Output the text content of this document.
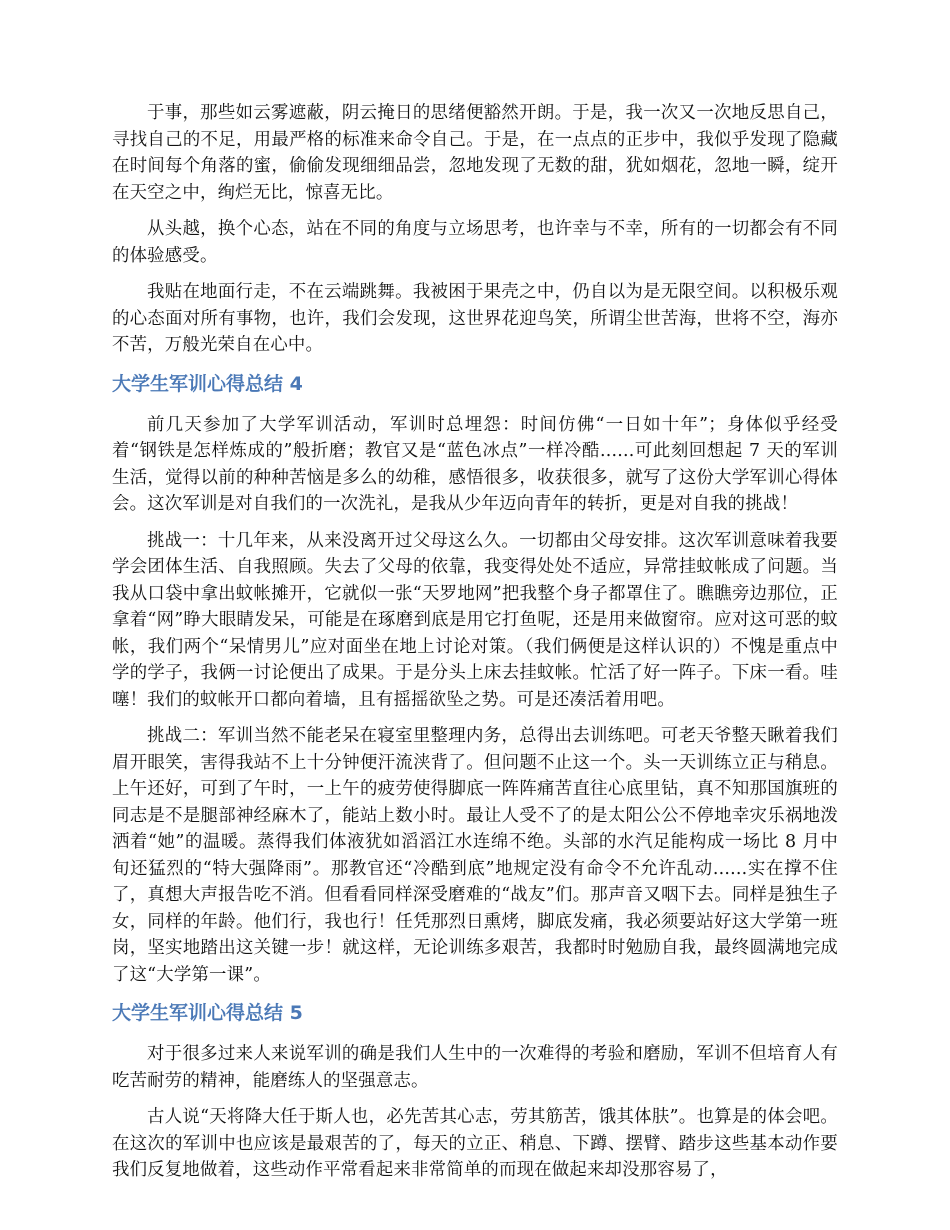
于事，那些如云雾遮蔽，阴云掩日的思绪便豁然开朗。于是，我一次又一次地反思自己，寻找自己的不足，用最严格的标准来命令自己。于是，在一点点的正步中，我似乎发现了隐藏在时间每个角落的蜜，偷偷发现细细品尝，忽地发现了无数的甜，犹如烟花，忽地一瞬，绽开在天空之中，绚烂无比，惊喜无比。

从头越，换个心态，站在不同的角度与立场思考，也许幸与不幸，所有的一切都会有不同的体验感受。

我贴在地面行走，不在云端跳舞。我被困于果壳之中，仍自以为是无限空间。以积极乐观的心态面对所有事物，也许，我们会发现，这世界花迎鸟笑，所谓尘世苦海，世将不空，海亦不苦，万般光荣自在心中。

大学生军训心得总结 4

前几天参加了大学军训活动，军训时总埋怨：时间仿佛“一日如十年”；身体似乎经受着“钢铁是怎样炼成的”般折磨；教官又是“蓝色冰点”一样冷酷......可此刻回想起 7 天的军训生活，觉得以前的种种苦恼是多么的幼稚，感悟很多，收获很多，就写了这份大学军训心得体会。这次军训是对自我们的一次洗礼，是我从少年迈向青年的转折，更是对自我的挑战！

挑战一：十几年来，从来没离开过父母这么久。一切都由父母安排。这次军训意味着我要学会团体生活、自我照顾。失去了父母的依靠，我变得处处不适应，异常挂蚊帐成了问题。当我从口袋中拿出蚊帐摊开，它就似一张“天罗地网”把我整个身子都罩住了。瞧瞧旁边那位，正拿着“网”睁大眼睛发呆，可能是在琢磨到底是用它打鱼呢，还是用来做窗帘。应对这可恶的蚊帐，我们两个“呆情男儿”应对面坐在地上讨论对策。（我们俩便是这样认识的）不愧是重点中学的学子，我俩一讨论便出了成果。于是分头上床去挂蚊帐。忙活了好一阵子。下床一看。哇噻！我们的蚊帐开口都向着墙，且有摇摇欲坠之势。可是还凑活着用吧。

挑战二：军训当然不能老呆在寝室里整理内务，总得出去训练吧。可老天爷整天瞅着我们眉开眼笑，害得我站不上十分钟便汗流浃背了。但问题不止这一个。头一天训练立正与稍息。上午还好，可到了午时，一上午的疲劳使得脚底一阵阵痛苦直往心底里钻，真不知那国旗班的同志是不是腿部神经麻木了，能站上数小时。最让人受不了的是太阳公公不停地幸灾乐祸地泼洒着“她”的温暖。蒸得我们体液犹如滔滔江水连绵不绝。头部的水汽足能构成一场比 8 月中旬还猛烈的“特大强降雨”。那教官还“冷酷到底”地规定没有命令不允许乱动......实在撑不住了，真想大声报告吃不消。但看看同样深受磨难的“战友”们。那声音又咽下去。同样是独生子女，同样的年龄。他们行，我也行！任凭那烈日熏烤，脚底发痛，我必须要站好这大学第一班岗，坚实地踏出这关键一步！就这样，无论训练多艰苦，我都时时勉励自我，最终圆满地完成了这“大学第一课”。

大学生军训心得总结 5

对于很多过来人来说军训的确是我们人生中的一次难得的考验和磨励，军训不但培育人有吃苦耐劳的精神，能磨练人的坚强意志。

古人说“天将降大任于斯人也，必先苦其心志，劳其筋苦，饿其体肤”。也算是的体会吧。在这次的军训中也应该是最艰苦的了，每天的立正、稍息、下蹲、摆臂、踏步这些基本动作要我们反复地做着，这些动作平常看起来非常简单的而现在做起来却没那容易了，
